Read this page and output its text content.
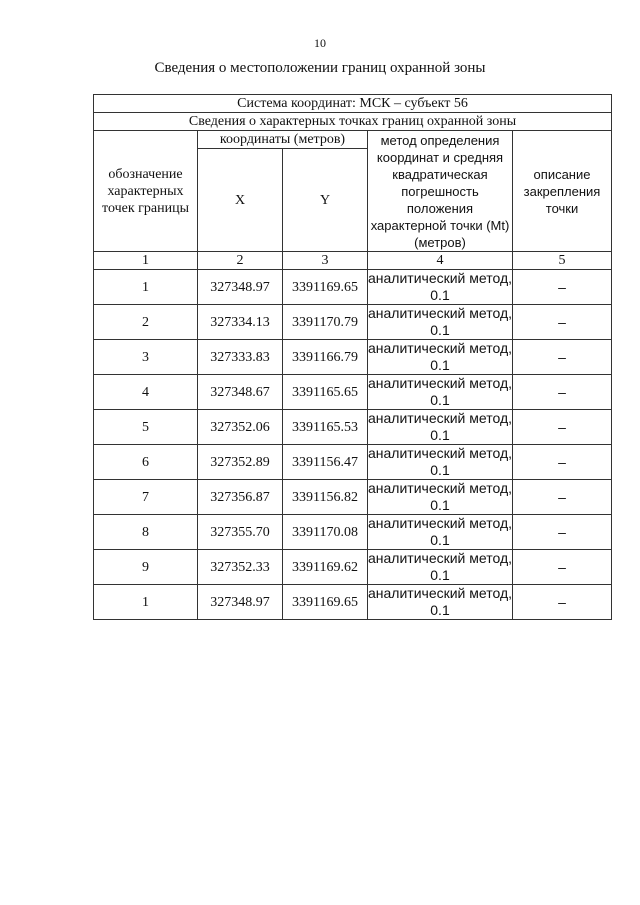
10
Сведения о местоположении границ охранной зоны
Система координат: МСК – субъект 56				
Сведения о характерных точках границ охранной зоны				
обозначение характерных точек границы	координаты (метров)		метод определения координат и средняя квадратическая погрешность положения характерной точки (Mt) (метров)	описание закрепления точки
	X	Y		
1	2	3	4	5
1	327348.97	3391169.65	аналитический метод, 0.1	–
2	327334.13	3391170.79	аналитический метод, 0.1	–
3	327333.83	3391166.79	аналитический метод, 0.1	–
4	327348.67	3391165.65	аналитический метод, 0.1	–
5	327352.06	3391165.53	аналитический метод, 0.1	–
6	327352.89	3391156.47	аналитический метод, 0.1	–
7	327356.87	3391156.82	аналитический метод, 0.1	–
8	327355.70	3391170.08	аналитический метод, 0.1	–
9	327352.33	3391169.62	аналитический метод, 0.1	–
1	327348.97	3391169.65	аналитический метод, 0.1	–
